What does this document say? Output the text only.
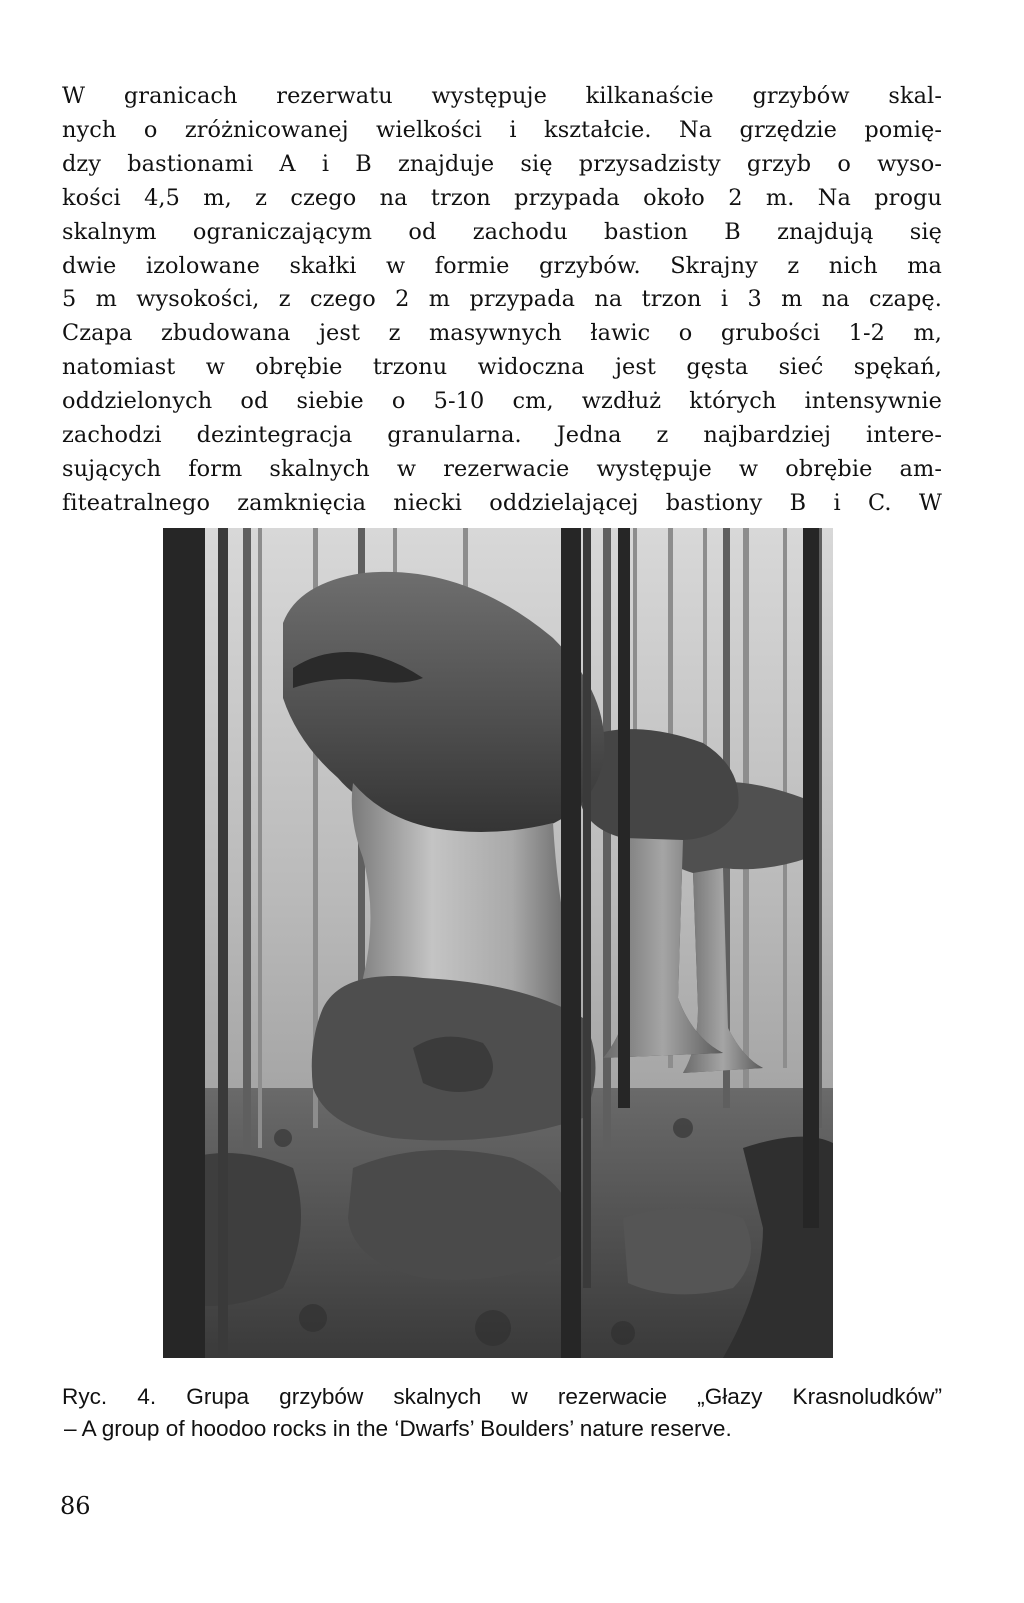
W granicach rezerwatu występuje kilkanaście grzybów skal-
nych o zróżnicowanej wielkości i kształcie. Na grzędzie pomię-
dzy bastionami A i B znajduje się przysadzisty grzyb o wyso-
kości 4,5 m, z czego na trzon przypada około 2 m. Na progu
skalnym ograniczającym od zachodu bastion B znajdują się
dwie izolowane skałki w formie grzybów. Skrajny z nich ma
5 m wysokości, z czego 2 m przypada na trzon i 3 m na czapę.
Czapa zbudowana jest z masywnych ławic o grubości 1-2 m,
natomiast w obrębie trzonu widoczna jest gęsta sieć spękań,
oddzielonych od siebie o 5-10 cm, wzdłuż których intensywnie
zachodzi dezintegracja granularna. Jedna z najbardziej intere-
sujących form skalnych w rezerwacie występuje w obrębie am-
fiteatralnego zamknięcia niecki oddzielającej bastiony B i C. W
Ryc. 4. Grupa grzybów skalnych w rezerwacie „Głazy Krasnoludków”
– A group of hoodoo rocks in the ‘Dwarfs’ Boulders’ nature reserve.
86
